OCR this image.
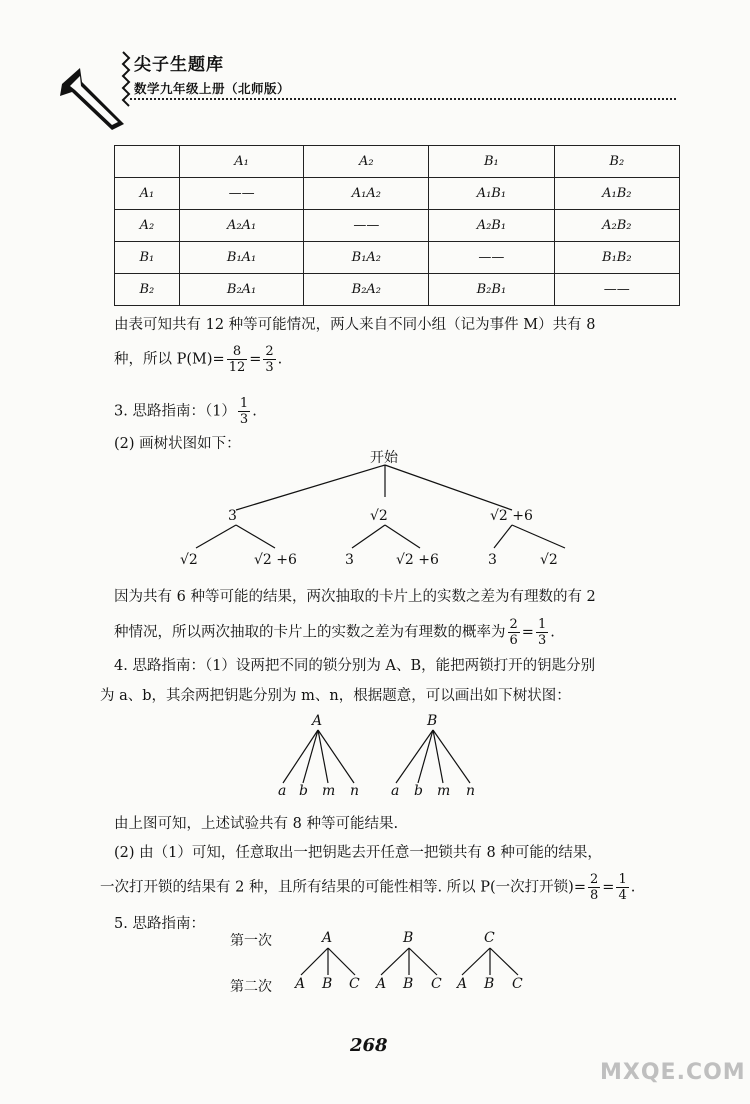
尖子生题库
数学九年级上册（北师版）
	A₁	A₂	B₁	B₂
A₁	——	A₁A₂	A₁B₁	A₁B₂
A₂	A₂A₁	——	A₂B₁	A₂B₂
B₁	B₁A₁	B₁A₂	——	B₁B₂
B₂	B₂A₁	B₂A₂	B₂B₁	——
由表可知共有 12 种等可能情况，两人来自不同小组（记为事件 M）共有 8
种，所以 $P(M)= \frac{8}{12} = \frac{2}{3}$ .
3. 思路指南：$(1) \frac{1}{3}$ .
(2) 画树状图如下：
开始
3	√2	√2 +6
√2	√2 +6	3	√2 +6	3	√2
因为共有 6 种等可能的结果，两次抽取的卡片上的实数之差为有理数的有 2
种情况，所以两次抽取的卡片上的实数之差为有理数的概率为 $\frac{2}{6} = \frac{1}{3}$ .
4. 思路指南：（1）设两把不同的锁分别为 A、B，能把两锁打开的钥匙分别
为 a、b，其余两把钥匙分别为 m、n，根据题意，可以画出如下树状图：
A
a b m n
B
a b m n
由上图可知，上述试验共有 8 种等可能结果.
(2) 由（1）可知，任意取出一把钥匙去开任意一把锁共有 8 种可能的结果，
一次打开锁的结果有 2 种，且所有结果的可能性相等. 所以 P(一次打开锁)= $\frac{2}{8} = \frac{1}{4}$ .
5. 思路指南：
第一次
第二次
A	B	C
A B C A B C A B C
268
MXQE.COM
